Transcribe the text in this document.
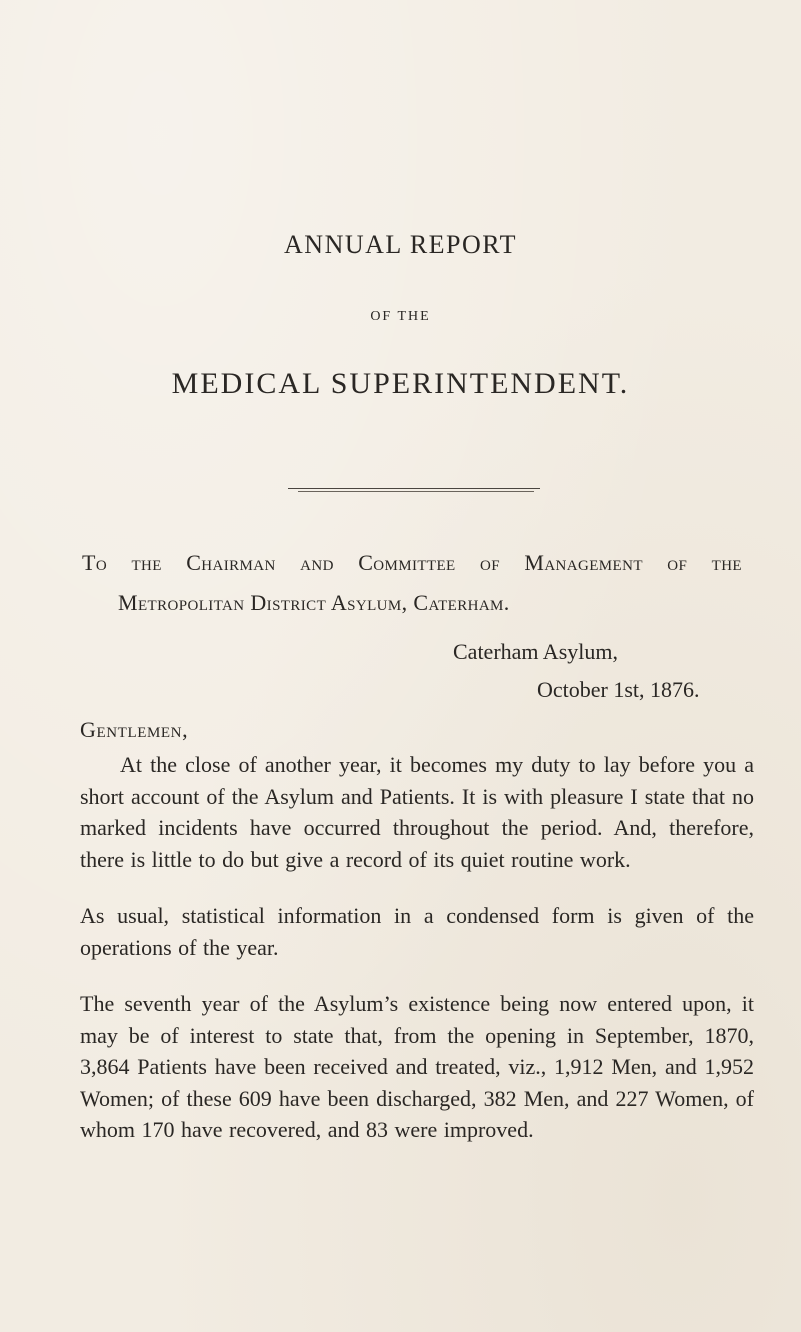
ANNUAL REPORT
OF THE
MEDICAL SUPERINTENDENT.
To the Chairman and Committee of Management of the
Metropolitan District Asylum, Caterham.
Caterham Asylum,
October 1st, 1876.
Gentlemen,

At the close of another year, it becomes my duty to lay before you a short account of the Asylum and Patients. It is with pleasure I state that no marked incidents have occurred throughout the period. And, therefore, there is little to do but give a record of its quiet routine work.

As usual, statistical information in a condensed form is given of the operations of the year.

The seventh year of the Asylum’s existence being now entered upon, it may be of interest to state that, from the opening in September, 1870, 3,864 Patients have been received and treated, viz., 1,912 Men, and 1,952 Women; of these 609 have been discharged, 382 Men, and 227 Women, of whom 170 have recovered, and 83 were improved.
